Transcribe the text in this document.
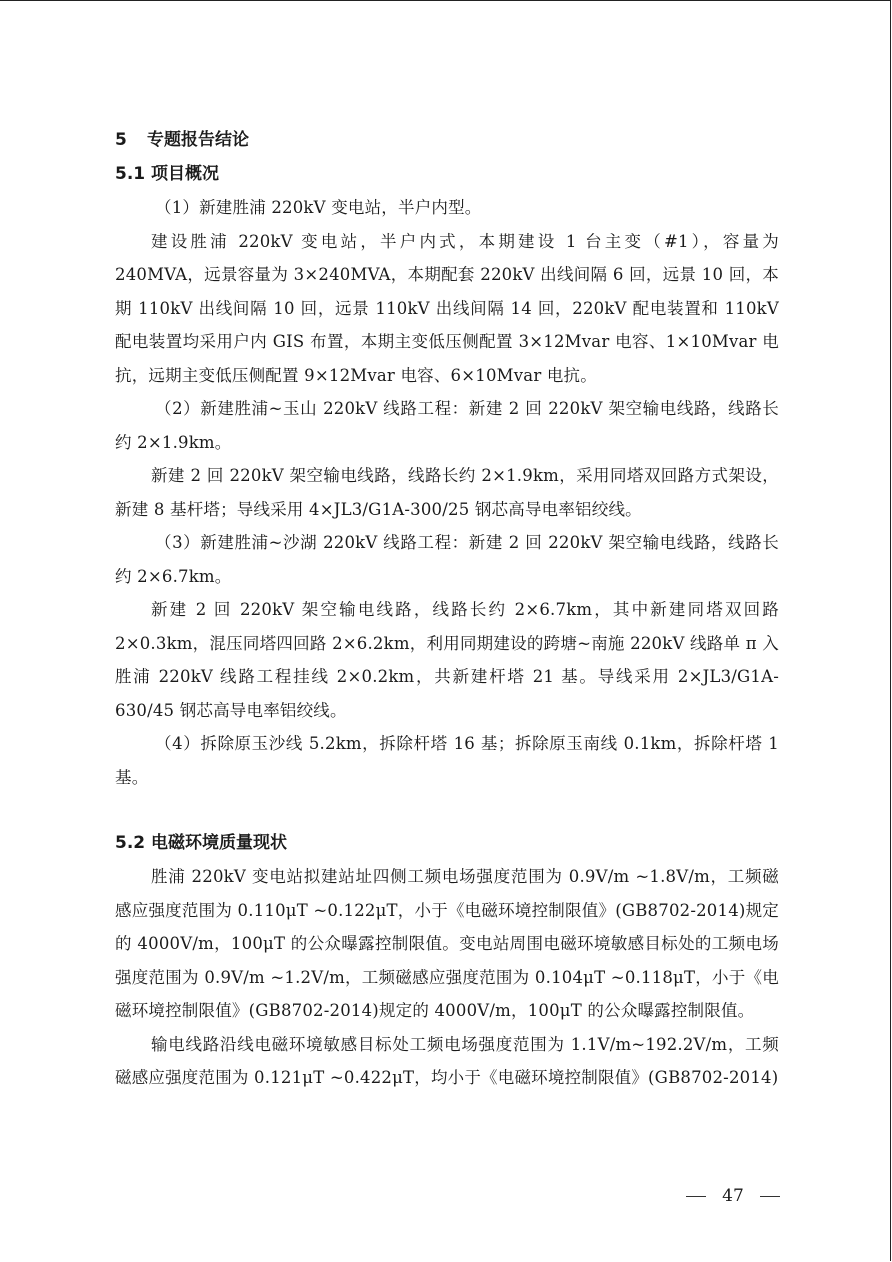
5 专题报告结论
5.1 项目概况

（1）新建胜浦 220kV 变电站，半户内型。

建设胜浦 220kV 变电站，半户内式，本期建设 1 台主变（#1），容量为 240MVA，远景容量为 3×240MVA，本期配套 220kV 出线间隔 6 回，远景 10 回，本期 110kV 出线间隔 10 回，远景 110kV 出线间隔 14 回，220kV 配电装置和 110kV 配电装置均采用户内 GIS 布置，本期主变低压侧配置 3×12Mvar 电容、1×10Mvar 电抗，远期主变低压侧配置 9×12Mvar 电容、6×10Mvar 电抗。

（2）新建胜浦~玉山 220kV 线路工程：新建 2 回 220kV 架空输电线路，线路长约 2×1.9km。

新建 2 回 220kV 架空输电线路，线路长约 2×1.9km，采用同塔双回路方式架设，新建 8 基杆塔；导线采用 4×JL3/G1A-300/25 钢芯高导电率铝绞线。

（3）新建胜浦~沙湖 220kV 线路工程：新建 2 回 220kV 架空输电线路，线路长约 2×6.7km。

新建 2 回 220kV 架空输电线路，线路长约 2×6.7km，其中新建同塔双回路 2×0.3km，混压同塔四回路 2×6.2km，利用同期建设的跨塘~南施 220kV 线路单 π 入胜浦 220kV 线路工程挂线 2×0.2km，共新建杆塔 21 基。导线采用 2×JL3/G1A-630/45 钢芯高导电率铝绞线。

（4）拆除原玉沙线 5.2km，拆除杆塔 16 基；拆除原玉南线 0.1km，拆除杆塔 1 基。

5.2 电磁环境质量现状

胜浦 220kV 变电站拟建站址四侧工频电场强度范围为 0.9V/m ~1.8V/m，工频磁感应强度范围为 0.110μT ~0.122μT，小于《电磁环境控制限值》(GB8702-2014)规定的 4000V/m，100μT 的公众曝露控制限值。变电站周围电磁环境敏感目标处的工频电场强度范围为 0.9V/m ~1.2V/m，工频磁感应强度范围为 0.104μT ~0.118μT，小于《电磁环境控制限值》(GB8702-2014)规定的 4000V/m，100μT 的公众曝露控制限值。

输电线路沿线电磁环境敏感目标处工频电场强度范围为 1.1V/m~192.2V/m，工频磁感应强度范围为 0.121μT ~0.422μT，均小于《电磁环境控制限值》(GB8702-2014)

47
